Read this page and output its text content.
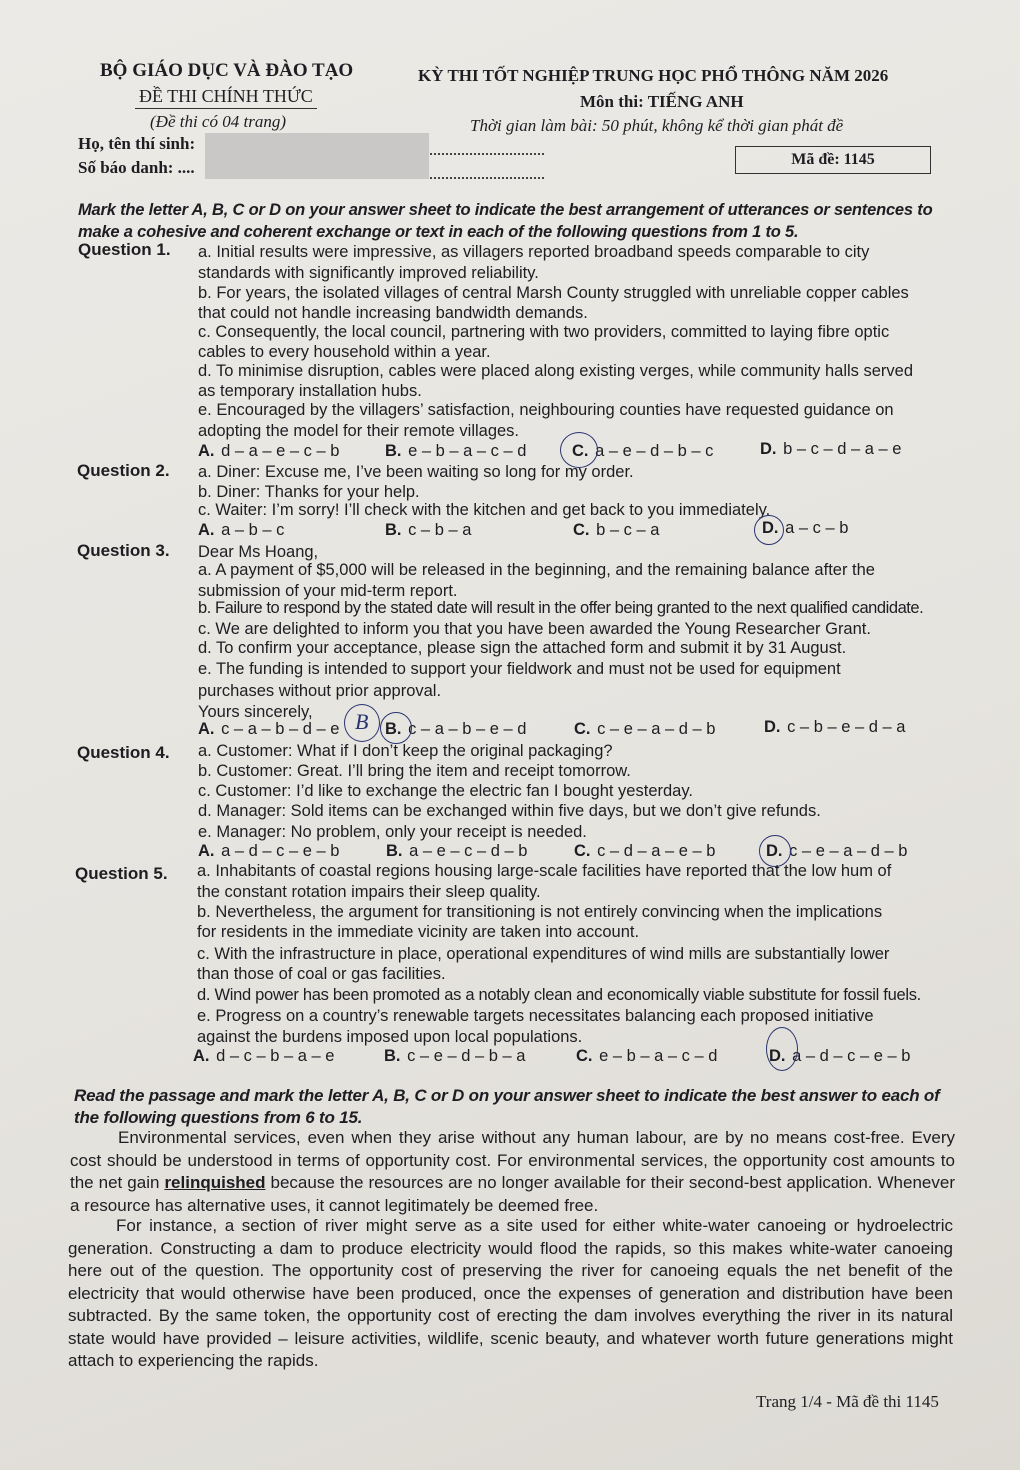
BỘ GIÁO DỤC VÀ ĐÀO TẠO
ĐỀ THI CHÍNH THỨC
(Đề thi có 04 trang)
KỲ THI TỐT NGHIỆP TRUNG HỌC PHỔ THÔNG NĂM 2026
Môn thi: TIẾNG ANH
Thời gian làm bài: 50 phút, không kể thời gian phát đề
Họ, tên thí sinh:
Số báo danh: ....	Mã đề: 1145
Mark the letter A, B, C or D on your answer sheet to indicate the best arrangement of utterances or sentences to make a cohesive and coherent exchange or text in each of the following questions from 1 to 5.
Question 1. a. Initial results were impressive, as villagers reported broadband speeds comparable to city
standards with significantly improved reliability.
b. For years, the isolated villages of central Marsh County struggled with unreliable copper cables
that could not handle increasing bandwidth demands.
c. Consequently, the local council, partnering with two providers, committed to laying fibre optic
cables to every household within a year.
d. To minimise disruption, cables were placed along existing verges, while community halls served
as temporary installation hubs.
e. Encouraged by the villagers’ satisfaction, neighbouring counties have requested guidance on
adopting the model for their remote villages.
A. d – a – e – c – b	B. e – b – a – c – d	C. a – e – d – b – c	D. b – c – d – a – e
Question 2. a. Diner: Excuse me, I’ve been waiting so long for my order.
b. Diner: Thanks for your help.
c. Waiter: I’m sorry! I’ll check with the kitchen and get back to you immediately.
A. a – b – c	B. c – b – a	C. b – c – a	D. a – c – b
Question 3. Dear Ms Hoang,
a. A payment of $5,000 will be released in the beginning, and the remaining balance after the
submission of your mid-term report.
b. Failure to respond by the stated date will result in the offer being granted to the next qualified candidate.
c. We are delighted to inform you that you have been awarded the Young Researcher Grant.
d. To confirm your acceptance, please sign the attached form and submit it by 31 August.
e. The funding is intended to support your fieldwork and must not be used for equipment
purchases without prior approval.
Yours sincerely,
A. c – a – b – d – e	B. c – a – b – e – d	C. c – e – a – d – b	D. c – b – e – d – a
B
Question 4. a. Customer: What if I don’t keep the original packaging?
b. Customer: Great. I’ll bring the item and receipt tomorrow.
c. Customer: I’d like to exchange the electric fan I bought yesterday.
d. Manager: Sold items can be exchanged within five days, but we don’t give refunds.
e. Manager: No problem, only your receipt is needed.
A. a – d – c – e – b	B. a – e – c – d – b	C. c – d – a – e – b	D. c – e – a – d – b
Question 5. a. Inhabitants of coastal regions housing large-scale facilities have reported that the low hum of
the constant rotation impairs their sleep quality.
b. Nevertheless, the argument for transitioning is not entirely convincing when the implications
for residents in the immediate vicinity are taken into account.
c. With the infrastructure in place, operational expenditures of wind mills are substantially lower
than those of coal or gas facilities.
d. Wind power has been promoted as a notably clean and economically viable substitute for fossil fuels.
e. Progress on a country’s renewable targets necessitates balancing each proposed initiative
against the burdens imposed upon local populations.
A. d – c – b – a – e	B. c – e – d – b – a	C. e – b – a – c – d	D. a – d – c – e – b
Read the passage and mark the letter A, B, C or D on your answer sheet to indicate the best answer to each of the following questions from 6 to 15.
Environmental services, even when they arise without any human labour, are by no means cost-free. Every cost should be understood in terms of opportunity cost. For environmental services, the opportunity cost amounts to the net gain relinquished because the resources are no longer available for their second-best application. Whenever a resource has alternative uses, it cannot legitimately be deemed free.
For instance, a section of river might serve as a site used for either white-water canoeing or hydroelectric generation. Constructing a dam to produce electricity would flood the rapids, so this makes white-water canoeing here out of the question. The opportunity cost of preserving the river for canoeing equals the net benefit of the electricity that would otherwise have been produced, once the expenses of generation and distribution have been subtracted. By the same token, the opportunity cost of erecting the dam involves everything the river in its natural state would have provided – leisure activities, wildlife, scenic beauty, and whatever worth future generations might attach to experiencing the rapids.
Trang 1/4 - Mã đề thi 1145
